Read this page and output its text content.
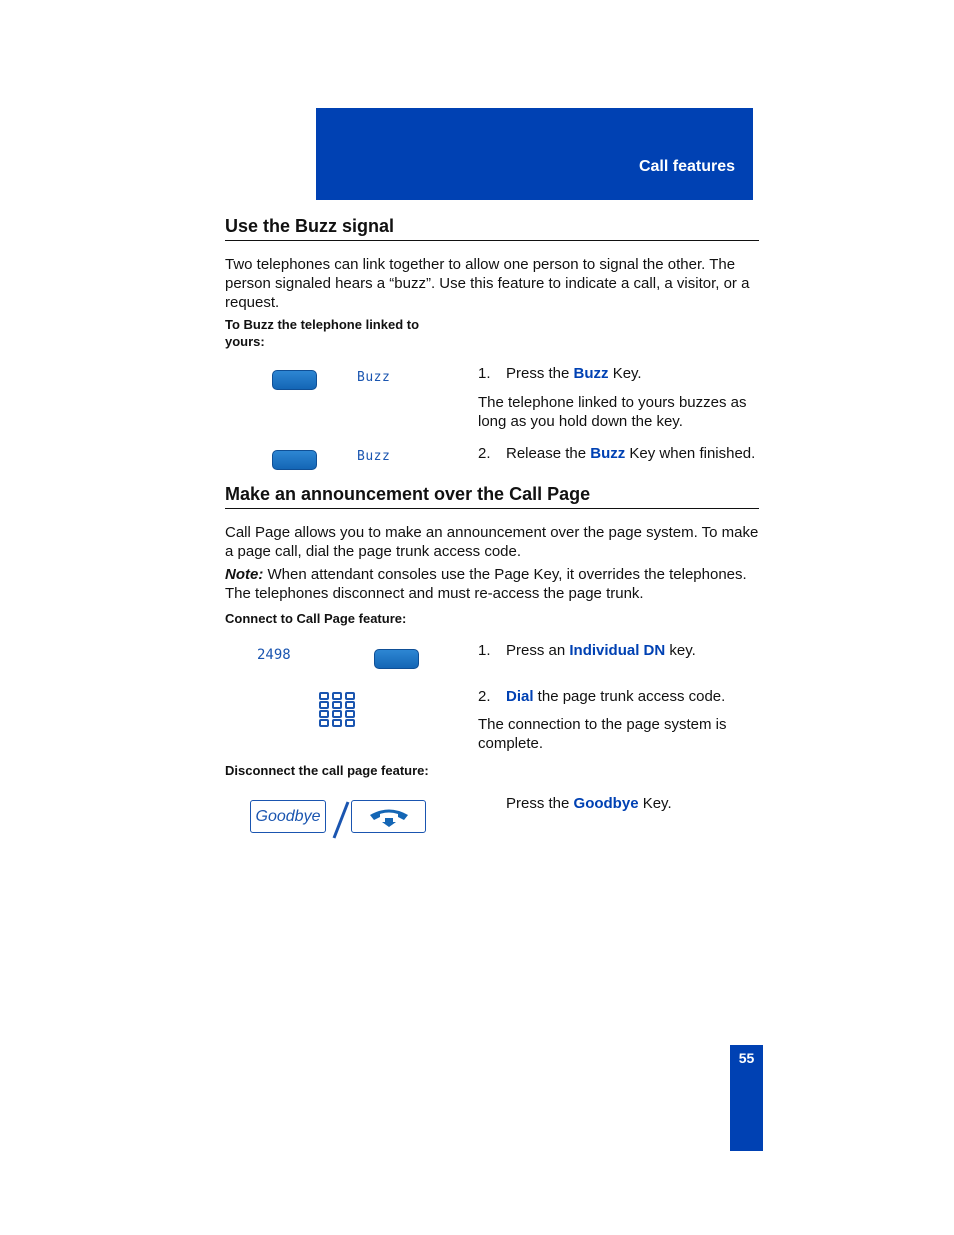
Call features
Use the Buzz signal
Two telephones can link together to allow one person to signal the other. The person signaled hears a “buzz”. Use this feature to indicate a call, a visitor, or a request.
To Buzz the telephone linked to
yours:
Buzz	1. Press the Buzz Key.
The telephone linked to yours buzzes as long as you hold down the key.
Buzz	2. Release the Buzz Key when finished.
Make an announcement over the Call Page
Call Page allows you to make an announcement over the page system. To make a page call, dial the page trunk access code.
Note: When attendant consoles use the Page Key, it overrides the telephones. The telephones disconnect and must re-access the page trunk.
Connect to Call Page feature:
2498	1. Press an Individual DN key.
2. Dial the page trunk access code.
The connection to the page system is complete.
Disconnect the call page feature:
Goodbye
Press the Goodbye Key.
55
